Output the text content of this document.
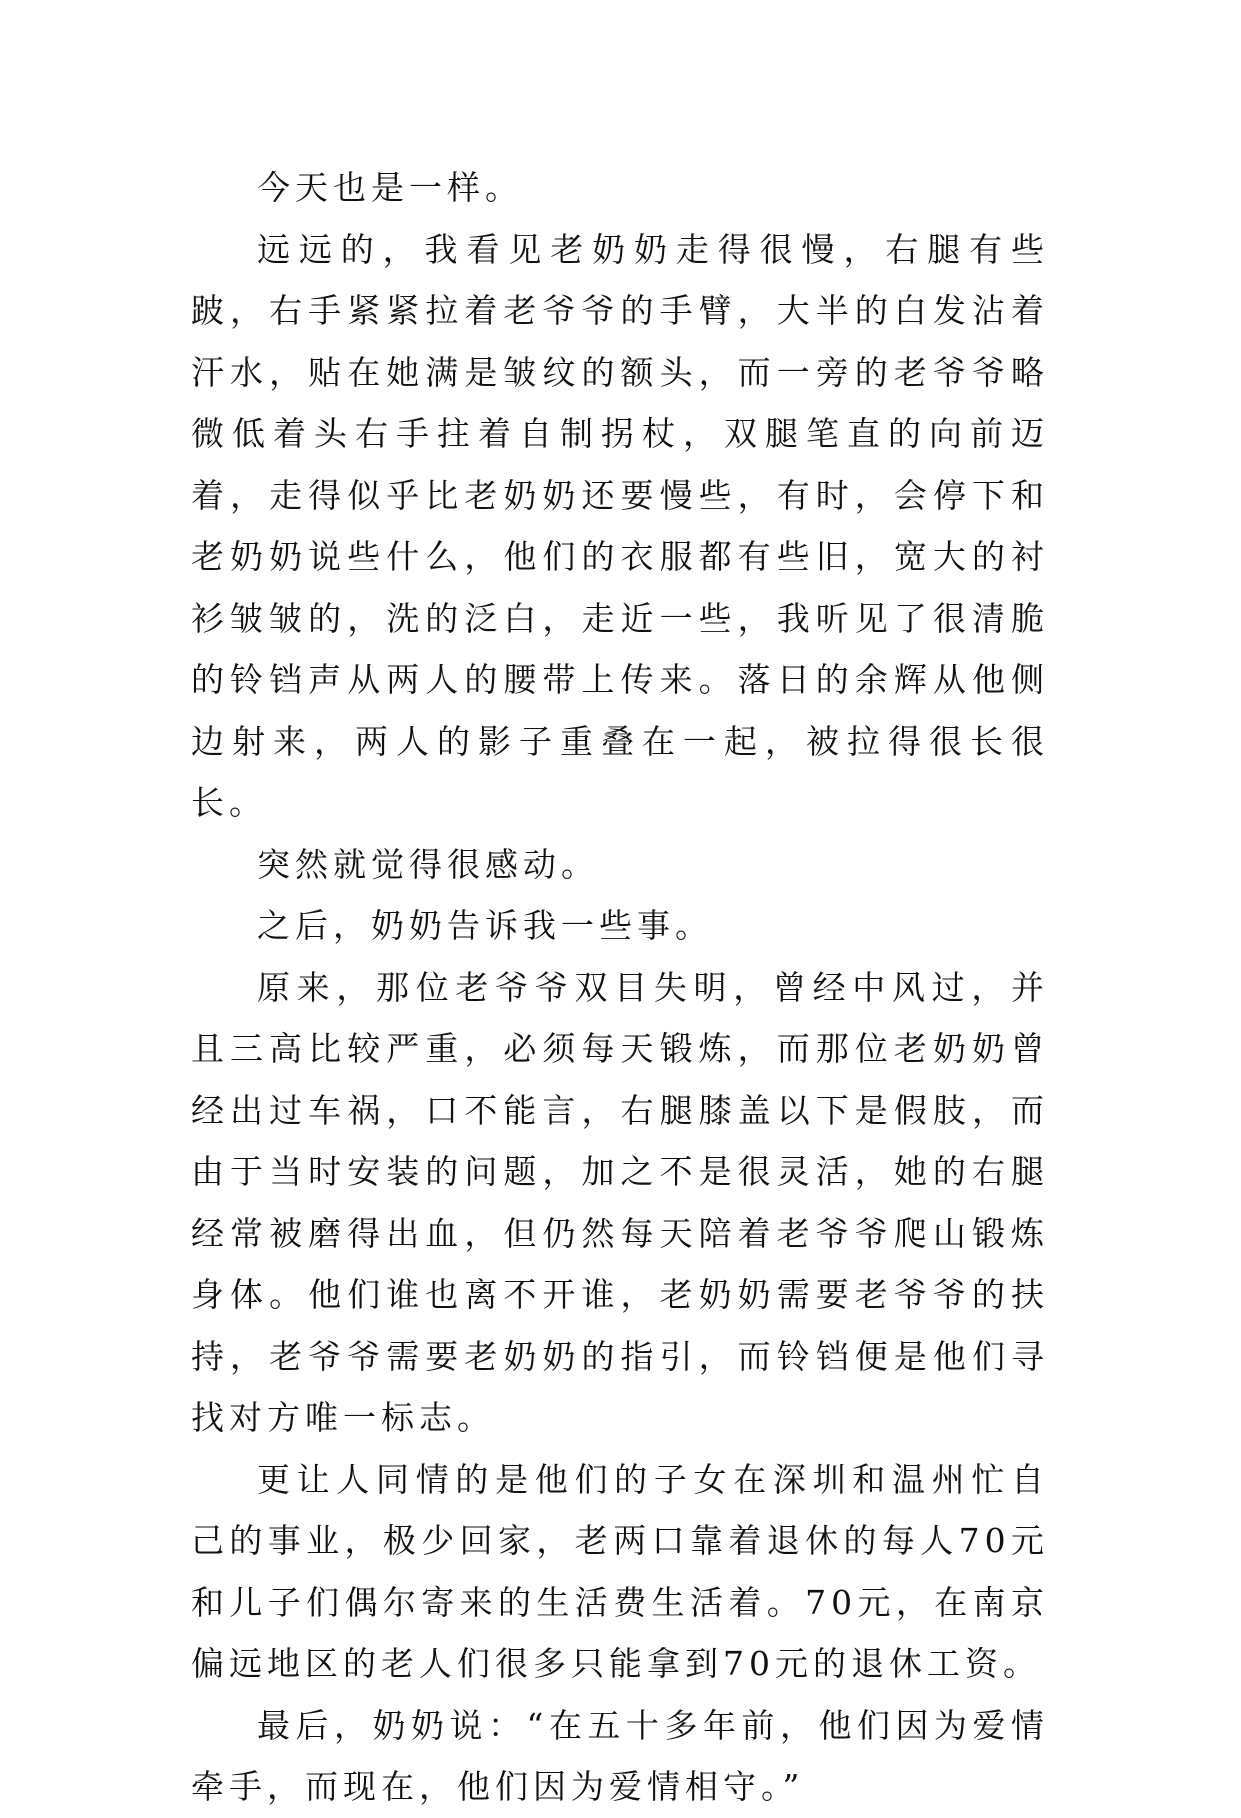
今天也是一样。

远远的，我看见老奶奶走得很慢，右腿有些跛，右手紧紧拉着老爷爷的手臂，大半的白发沾着汗水，贴在她满是皱纹的额头，而一旁的老爷爷略微低着头右手拄着自制拐杖，双腿笔直的向前迈着，走得似乎比老奶奶还要慢些，有时，会停下和老奶奶说些什么，他们的衣服都有些旧，宽大的衬衫皱皱的，洗的泛白，走近一些，我听见了很清脆的铃铛声从两人的腰带上传来。落日的余辉从他侧边射来，两人的影子重叠在一起，被拉得很长很长。

突然就觉得很感动。

之后，奶奶告诉我一些事。

原来，那位老爷爷双目失明，曾经中风过，并且三高比较严重，必须每天锻炼，而那位老奶奶曾经出过车祸，口不能言，右腿膝盖以下是假肢，而由于当时安装的问题，加之不是很灵活，她的右腿经常被磨得出血，但仍然每天陪着老爷爷爬山锻炼身体。他们谁也离不开谁，老奶奶需要老爷爷的扶持，老爷爷需要老奶奶的指引，而铃铛便是他们寻找对方唯一标志。

更让人同情的是他们的子女在深圳和温州忙自己的事业，极少回家，老两口靠着退休的每人70元和儿子们偶尔寄来的生活费生活着。70元，在南京偏远地区的老人们很多只能拿到70元的退休工资。

最后，奶奶说：“在五十多年前，他们因为爱情牵手，而现在，他们因为爱情相守。”
